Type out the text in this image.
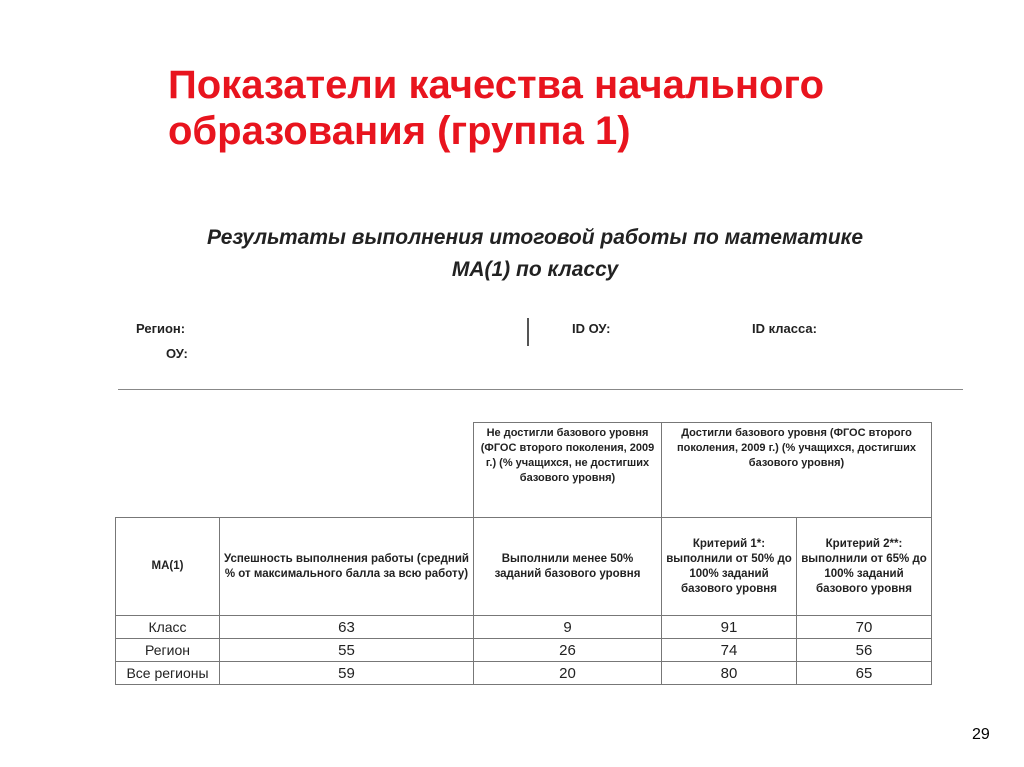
Показатели качества начального образования (группа 1)
Результаты выполнения итоговой работы по математике
МА(1) по классу
Регион:
ОУ:
ID ОУ:	ID класса:
		Не достигли базового уровня (ФГОС второго поколения, 2009 г.) (% учащихся, не достигших базового уровня)	Достигли базового уровня (ФГОС второго поколения, 2009 г.) (% учащихся, достигших базового уровня)	
МА(1)	Успешность выполнения работы (средний % от максимального балла за всю работу)	Выполнили менее 50% заданий базового уровня	Критерий 1*: выполнили от 50% до 100% заданий базового уровня	Критерий 2**: выполнили от 65% до 100% заданий базового уровня
Класс	63	9	91	70
Регион	55	26	74	56
Все регионы	59	20	80	65
29
